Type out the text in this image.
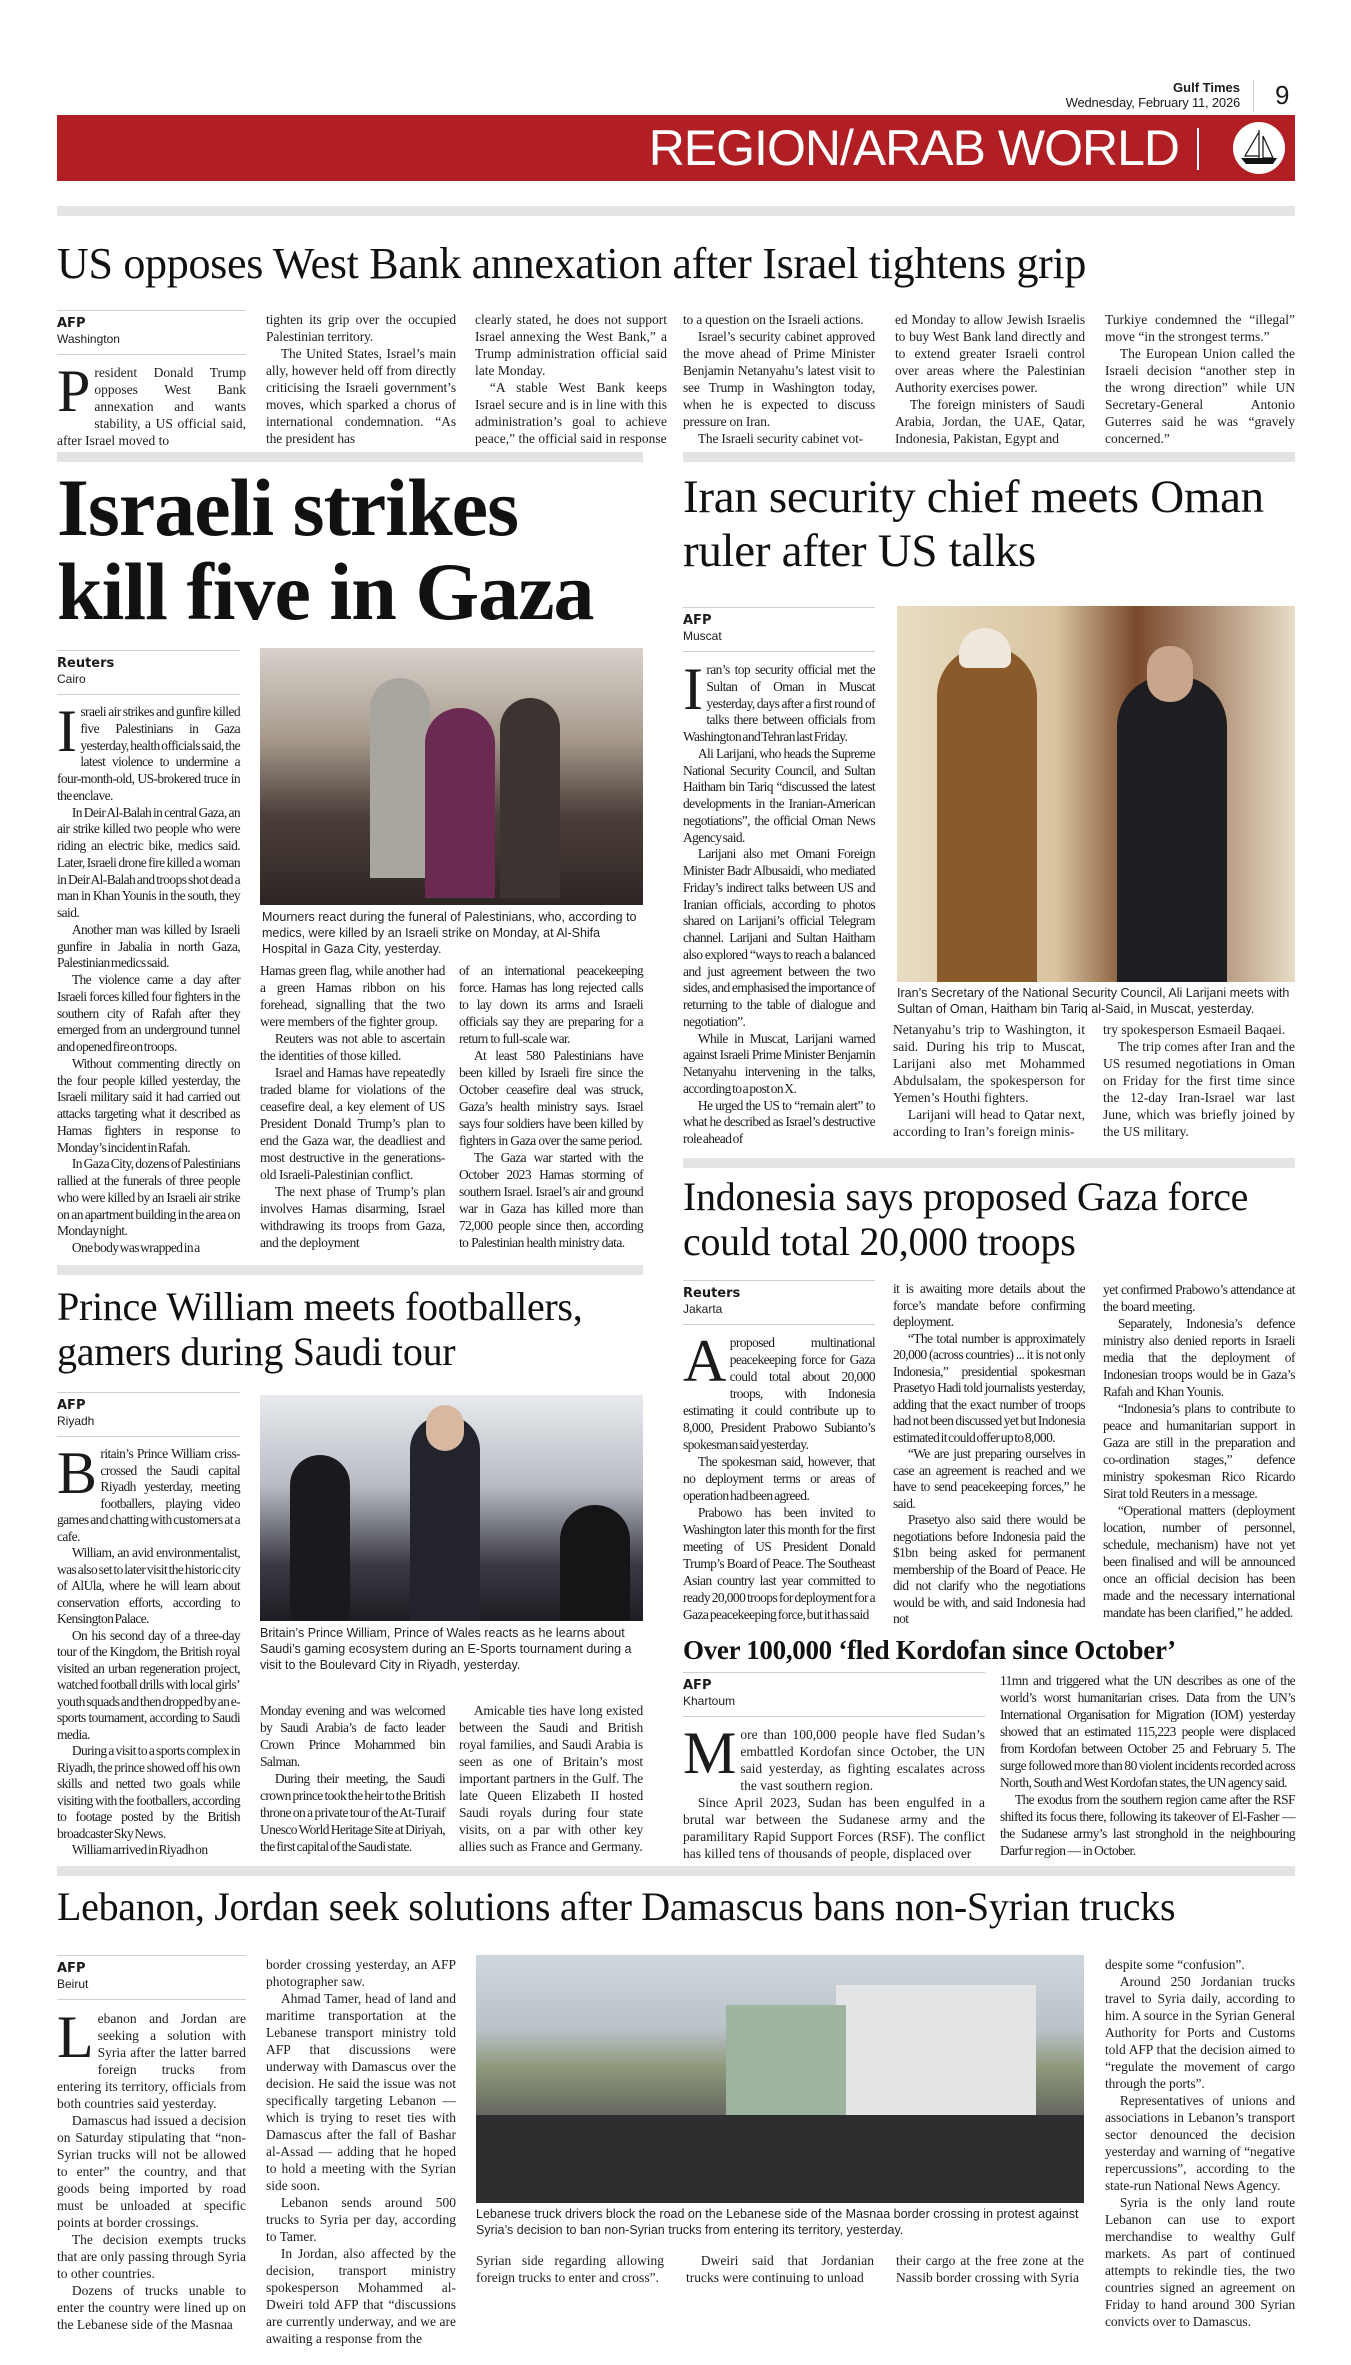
Gulf Times
Wednesday, February 11, 2026 9
REGION/ARAB WORLD
US opposes West Bank annexation after Israel tightens grip
AFP
Washington

President Donald Trump opposes West Bank annexation and wants stability, a US official said, after Israel moved to

tighten its grip over the occupied Palestinian territory.

The United States, Israel’s main ally, however held off from directly criticising the Israeli government’s moves, which sparked a chorus of international condemnation. “As the president has

clearly stated, he does not support Israel annexing the West Bank,” a Trump administration official said late Monday.

“A stable West Bank keeps Israel secure and is in line with this administration’s goal to achieve peace,” the official said in response

to a question on the Israeli actions.

Israel’s security cabinet approved the move ahead of Prime Minister Benjamin Netanyahu’s latest visit to see Trump in Washington today, when he is expected to discuss pressure on Iran.

The Israeli security cabinet vot-

ed Monday to allow Jewish Israelis to buy West Bank land directly and to extend greater Israeli control over areas where the Palestinian Authority exercises power.

The foreign ministers of Saudi Arabia, Jordan, the UAE, Qatar, Indonesia, Pakistan, Egypt and

Turkiye condemned the “illegal” move “in the strongest terms.”

The European Union called the Israeli decision “another step in the wrong direction” while UN Secretary-General Antonio Guterres said he was “gravely concerned.”

Israeli strikes kill five in Gaza
Reuters
Cairo

Israeli air strikes and gunfire killed five Palestinians in Gaza yesterday, health officials said, the latest violence to undermine a four-month-old, US-brokered truce in the enclave.

In Deir Al-Balah in central Gaza, an air strike killed two people who were riding an electric bike, medics said. Later, Israeli drone fire killed a woman in Deir Al-Balah and troops shot dead a man in Khan Younis in the south, they said.

Another man was killed by Israeli gunfire in Jabalia in north Gaza, Palestinian medics said.

The violence came a day after Israeli forces killed four fighters in the southern city of Rafah after they emerged from an underground tunnel and opened fire on troops.

Without commenting directly on the four people killed yesterday, the Israeli military said it had carried out attacks targeting what it described as Hamas fighters in response to Monday’s incident in Rafah.

In Gaza City, dozens of Palestinians rallied at the funerals of three people who were killed by an Israeli air strike on an apartment building in the area on Monday night.

One body was wrapped in a

Mourners react during the funeral of Palestinians, who, according to medics, were killed by an Israeli strike on Monday, at Al-Shifa Hospital in Gaza City, yesterday.

Hamas green flag, while another had a green Hamas ribbon on his forehead, signalling that the two were members of the fighter group.

Reuters was not able to ascertain the identities of those killed.

Israel and Hamas have repeatedly traded blame for violations of the ceasefire deal, a key element of US President Donald Trump’s plan to end the Gaza war, the deadliest and most destructive in the generations-old Israeli-Palestinian conflict.

The next phase of Trump’s plan involves Hamas disarming, Israel withdrawing its troops from Gaza, and the deployment

of an international peacekeeping force. Hamas has long rejected calls to lay down its arms and Israeli officials say they are preparing for a return to full-scale war.

At least 580 Palestinians have been killed by Israeli fire since the October ceasefire deal was struck, Gaza’s health ministry says. Israel says four soldiers have been killed by fighters in Gaza over the same period.

The Gaza war started with the October 2023 Hamas storming of southern Israel. Israel’s air and ground war in Gaza has killed more than 72,000 people since then, according to Palestinian health ministry data.

Iran security chief meets Oman ruler after US talks
AFP
Muscat

Iran’s top security official met the Sultan of Oman in Muscat yesterday, days after a first round of talks there between officials from Washington and Tehran last Friday.

Ali Larijani, who heads the Supreme National Security Council, and Sultan Haitham bin Tariq “discussed the latest developments in the Iranian-American negotiations”, the official Oman News Agency said.

Larijani also met Omani Foreign Minister Badr Albusaidi, who mediated Friday’s indirect talks between US and Iranian officials, according to photos shared on Larijani’s official Telegram channel. Larijani and Sultan Haitham also explored “ways to reach a balanced and just agreement between the two sides, and emphasised the importance of returning to the table of dialogue and negotiation”.

While in Muscat, Larijani warned against Israeli Prime Minister Benjamin Netanyahu intervening in the talks, according to a post on X.

He urged the US to “remain alert” to what he described as Israel’s destructive role ahead of

Iran’s Secretary of the National Security Council, Ali Larijani meets with Sultan of Oman, Haitham bin Tariq al-Said, in Muscat, yesterday.

Netanyahu’s trip to Washington, it said. During his trip to Muscat, Larijani also met Mohammed Abdulsalam, the spokesperson for Yemen’s Houthi fighters.

Larijani will head to Qatar next, according to Iran’s foreign minis-

try spokesperson Esmaeil Baqaei.

The trip comes after Iran and the US resumed negotiations in Oman on Friday for the first time since the 12-day Iran-Israel war last June, which was briefly joined by the US military.

Indonesia says proposed Gaza force could total 20,000 troops
Reuters
Jakarta

Aproposed multinational peacekeeping force for Gaza could total about 20,000 troops, with Indonesia estimating it could contribute up to 8,000, President Prabowo Subianto’s spokesman said yesterday.

The spokesman said, however, that no deployment terms or areas of operation had been agreed.

Prabowo has been invited to Washington later this month for the first meeting of US President Donald Trump’s Board of Peace. The Southeast Asian country last year committed to ready 20,000 troops for deployment for a Gaza peacekeeping force, but it has said

it is awaiting more details about the force’s mandate before confirming deployment.

“The total number is approximately 20,000 (across countries) ... it is not only Indonesia,” presidential spokesman Prasetyo Hadi told journalists yesterday, adding that the exact number of troops had not been discussed yet but Indonesia estimated it could offer up to 8,000.

“We are just preparing ourselves in case an agreement is reached and we have to send peacekeeping forces,” he said.

Prasetyo also said there would be negotiations before Indonesia paid the $1bn being asked for permanent membership of the Board of Peace. He did not clarify who the negotiations would be with, and said Indonesia had not

yet confirmed Prabowo’s attendance at the board meeting.

Separately, Indonesia’s defence ministry also denied reports in Israeli media that the deployment of Indonesian troops would be in Gaza’s Rafah and Khan Younis.

“Indonesia’s plans to contribute to peace and humanitarian support in Gaza are still in the preparation and co-ordination stages,” defence ministry spokesman Rico Ricardo Sirat told Reuters in a message.

“Operational matters (deployment location, number of personnel, schedule, mechanism) have not yet been finalised and will be announced once an official decision has been made and the necessary international mandate has been clarified,” he added.

Over 100,000 ‘fled Kordofan since October’
AFP
Khartoum

More than 100,000 people have fled Sudan’s embattled Kordofan since October, the UN said yesterday, as fighting escalates across the vast southern region.

Since April 2023, Sudan has been engulfed in a brutal war between the Sudanese army and the paramilitary Rapid Support Forces (RSF). The conflict has killed tens of thousands of people, displaced over

11mn and triggered what the UN describes as one of the world’s worst humanitarian crises. Data from the UN’s International Organisation for Migration (IOM) yesterday showed that an estimated 115,223 people were displaced from Kordofan between October 25 and February 5. The surge followed more than 80 violent incidents recorded across North, South and West Kordofan states, the UN agency said.

The exodus from the southern region came after the RSF shifted its focus there, following its takeover of El-Fasher — the Sudanese army’s last stronghold in the neighbouring Darfur region — in October.

Prince William meets footballers, gamers during Saudi tour
AFP
Riyadh

Britain’s Prince William criss-crossed the Saudi capital Riyadh yesterday, meeting footballers, playing video games and chatting with customers at a cafe.

William, an avid environmentalist, was also set to later visit the historic city of AlUla, where he will learn about conservation efforts, according to Kensington Palace.

On his second day of a three-day tour of the Kingdom, the British royal visited an urban regeneration project, watched football drills with local girls’ youth squads and then dropped by an e-sports tournament, according to Saudi media.

During a visit to a sports complex in Riyadh, the prince showed off his own skills and netted two goals while visiting with the footballers, according to footage posted by the British broadcaster Sky News.

William arrived in Riyadh on

Britain’s Prince William, Prince of Wales reacts as he learns about Saudi’s gaming ecosystem during an E-Sports tournament during a visit to the Boulevard City in Riyadh, yesterday.

Monday evening and was welcomed by Saudi Arabia’s de facto leader Crown Prince Mohammed bin Salman.

During their meeting, the Saudi crown prince took the heir to the British throne on a private tour of the At-Turaif Unesco World Heritage Site at Diriyah, the first capital of the Saudi state.

Amicable ties have long existed between the Saudi and British royal families, and Saudi Arabia is seen as one of Britain’s most important partners in the Gulf. The late Queen Elizabeth II hosted Saudi royals during four state visits, on a par with other key allies such as France and Germany.

Lebanon, Jordan seek solutions after Damascus bans non-Syrian trucks
AFP
Beirut

Lebanon and Jordan are seeking a solution with Syria after the latter barred foreign trucks from entering its territory, officials from both countries said yesterday.

Damascus had issued a decision on Saturday stipulating that “non-Syrian trucks will not be allowed to enter” the country, and that goods being imported by road must be unloaded at specific points at border crossings.

The decision exempts trucks that are only passing through Syria to other countries.

Dozens of trucks unable to enter the country were lined up on the Lebanese side of the Masnaa

border crossing yesterday, an AFP photographer saw.

Ahmad Tamer, head of land and maritime transportation at the Lebanese transport ministry told AFP that discussions were underway with Damascus over the decision. He said the issue was not specifically targeting Lebanon — which is trying to reset ties with Damascus after the fall of Bashar al-Assad — adding that he hoped to hold a meeting with the Syrian side soon.

Lebanon sends around 500 trucks to Syria per day, according to Tamer.

In Jordan, also affected by the decision, transport ministry spokesperson Mohammed al-Dweiri told AFP that “discussions are currently underway, and we are awaiting a response from the

Lebanese truck drivers block the road on the Lebanese side of the Masnaa border crossing in protest against Syria’s decision to ban non-Syrian trucks from entering its territory, yesterday.

Syrian side regarding allowing foreign trucks to enter and cross”.

Dweiri said that Jordanian trucks were continuing to unload

their cargo at the free zone at the Nassib border crossing with Syria

despite some “confusion”.

Around 250 Jordanian trucks travel to Syria daily, according to him. A source in the Syrian General Authority for Ports and Customs told AFP that the decision aimed to “regulate the movement of cargo through the ports”.

Representatives of unions and associations in Lebanon’s transport sector denounced the decision yesterday and warning of “negative repercussions”, according to the state-run National News Agency.

Syria is the only land route Lebanon can use to export merchandise to wealthy Gulf markets. As part of continued attempts to rekindle ties, the two countries signed an agreement on Friday to hand around 300 Syrian convicts over to Damascus.
